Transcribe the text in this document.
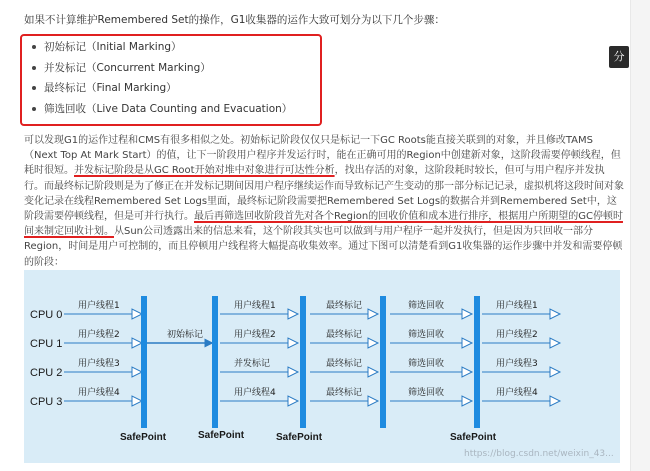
如果不计算维护Remembered Set的操作，G1收集器的运作大致可划分为以下几个步骤：
初始标记（Initial Marking）
并发标记（Concurrent Marking）
最终标记（Final Marking）
筛选回收（Live Data Counting and Evacuation）

可以发现G1的运作过程和CMS有很多相似之处。初始标记阶段仅仅只是标记一下GC Roots能直接关联到的对象，并且修改TAMS（Next Top At Mark Start）的值，让下一阶段用户程序并发运行时，能在正确可用的Region中创建新对象，这阶段需要停顿线程，但耗时很短。并发标记阶段是从GC Root开始对堆中对象进行可达性分析，找出存活的对象，这阶段耗时较长，但可与用户程序并发执行。而最终标记阶段则是为了修正在并发标记期间因用户程序继续运作而导致标记产生变动的那一部分标记记录，虚拟机将这段时间对象变化记录在线程Remembered Set Logs里面，最终标记阶段需要把Remembered Set Logs的数据合并到Remembered Set中，这阶段需要停顿线程，但是可并行执行。最后再筛选回收阶段首先对各个Region的回收价值和成本进行排序，根据用户所期望的GC停顿时间来制定回收计划。从Sun公司透露出来的信息来看，这个阶段其实也可以做到与用户程序一起并发执行，但是因为只回收一部分Region，时间是用户可控制的，而且停顿用户线程将大幅提高收集效率。通过下图可以清楚看到G1收集器的运作步骤中并发和需要停顿的阶段：

CPU 0
CPU 1
CPU 2
CPU 3
用户线程1
用户线程2
用户线程3
用户线程4
初始标记
用户线程1
用户线程2
并发标记
用户线程4
最终标记
最终标记
最终标记
最终标记
筛选回收
筛选回收
筛选回收
筛选回收
用户线程1
用户线程2
用户线程3
用户线程4
SafePoint	SafePoint	SafePoint	SafePoint
https://blog.csdn.net/weixin_43...
分
